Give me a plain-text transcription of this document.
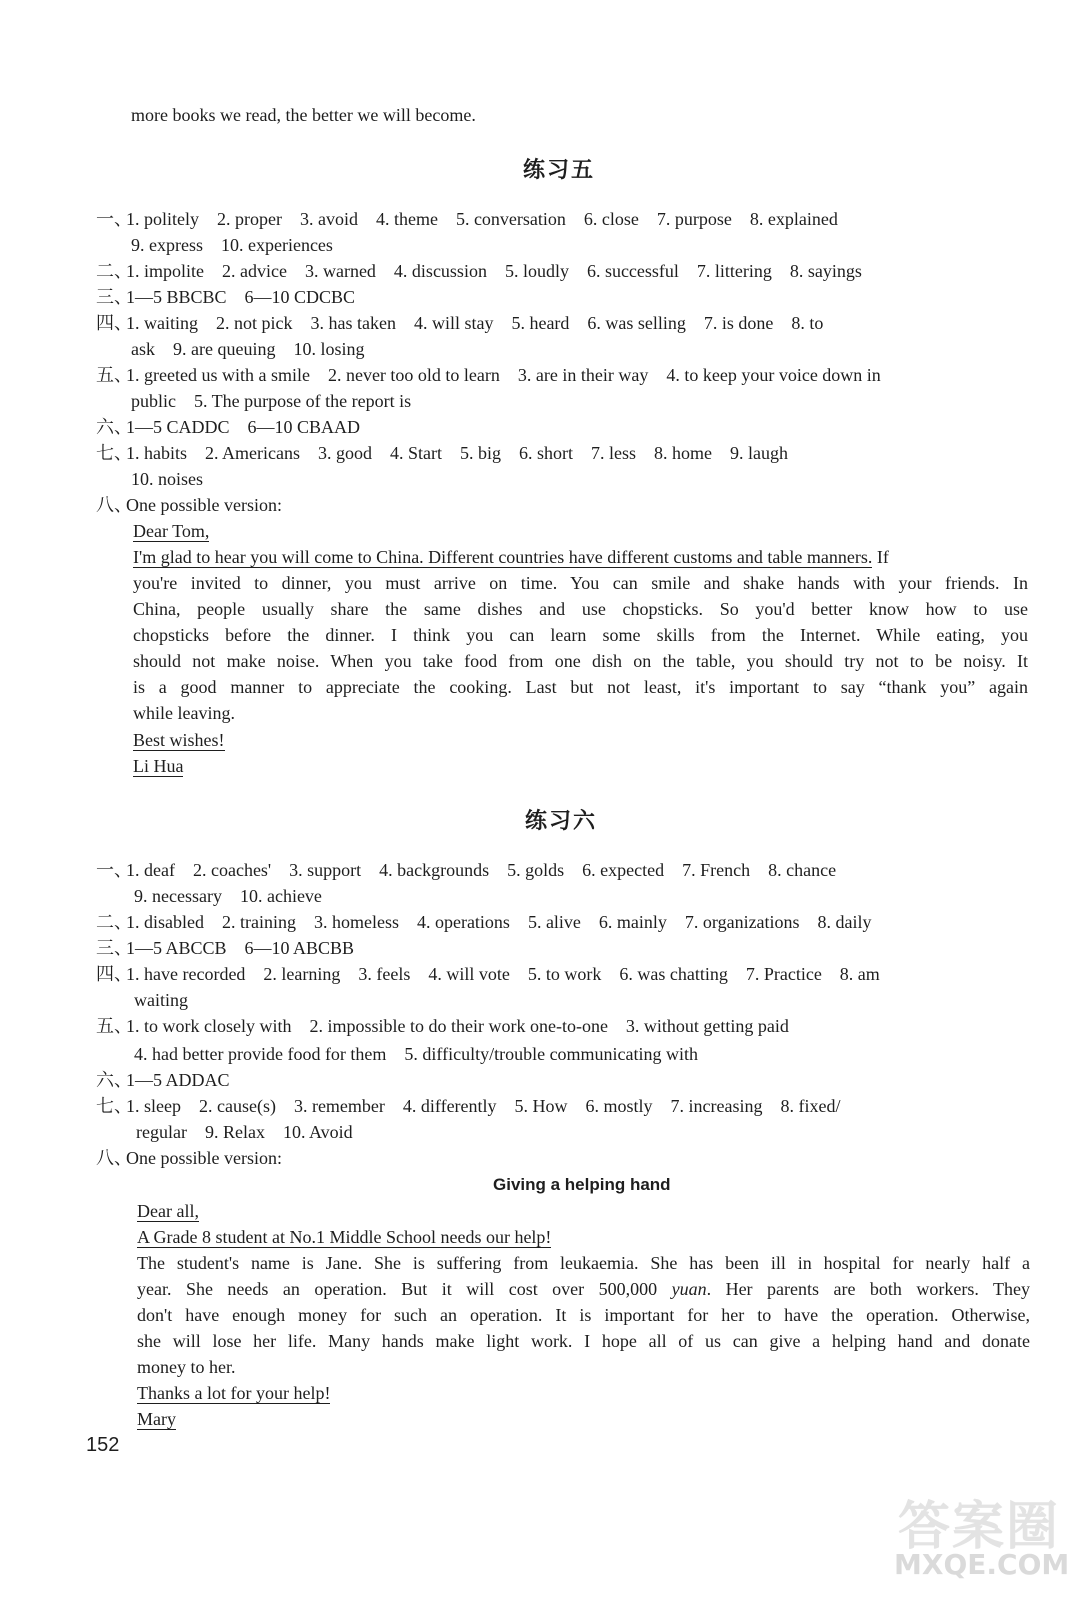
more books we read, the better we will become.
练习五
一、1. politely　2. proper　3. avoid　4. theme　5. conversation　6. close　7. purpose　8. explained
9. express　10. experiences
二、1. impolite　2. advice　3. warned　4. discussion　5. loudly　6. successful　7. littering　8. sayings
三、1—5 BBCBC　6—10 CDCBC
四、1. waiting　2. not pick　3. has taken　4. will stay　5. heard　6. was selling　7. is done　8. to
ask　9. are queuing　10. losing
五、1. greeted us with a smile　2. never too old to learn　3. are in their way　4. to keep your voice down in
public　5. The purpose of the report is
六、1—5 CADDC　6—10 CBAAD
七、1. habits　2. Americans　3. good　4. Start　5. big　6. short　7. less　8. home　9. laugh
10. noises
八、One possible version:
Dear Tom,
I'm glad to hear you will come to China. Different countries have different customs and table manners. If
you're invited to dinner, you must arrive on time. You can smile and shake hands with your friends. In
China, people usually share the same dishes and use chopsticks. So you'd better know how to use
chopsticks before the dinner. I think you can learn some skills from the Internet. While eating, you
should not make noise. When you take food from one dish on the table, you should try not to be noisy. It
is a good manner to appreciate the cooking. Last but not least, it's important to say “thank you” again
while leaving.
Best wishes!
Li Hua
练习六
一、1. deaf　2. coaches'　3. support　4. backgrounds　5. golds　6. expected　7. French　8. chance
9. necessary　10. achieve
二、1. disabled　2. training　3. homeless　4. operations　5. alive　6. mainly　7. organizations　8. daily
三、1—5 ABCCB　6—10 ABCBB
四、1. have recorded　2. learning　3. feels　4. will vote　5. to work　6. was chatting　7. Practice　8. am
waiting
五、1. to work closely with　2. impossible to do their work one-to-one　3. without getting paid
4. had better provide food for them　5. difficulty/trouble communicating with
六、1—5 ADDAC
七、1. sleep　2. cause(s)　3. remember　4. differently　5. How　6. mostly　7. increasing　8. fixed/
regular　9. Relax　10. Avoid
八、One possible version:
Giving a helping hand
Dear all,
A Grade 8 student at No.1 Middle School needs our help!
The student's name is Jane. She is suffering from leukaemia. She has been ill in hospital for nearly half a
year. She needs an operation. But it will cost over 500,000 yuan. Her parents are both workers. They
don't have enough money for such an operation. It is important for her to have the operation. Otherwise,
she will lose her life. Many hands make light work. I hope all of us can give a helping hand and donate
money to her.
Thanks a lot for your help!
Mary
152
答案圈
MXQE.COM
